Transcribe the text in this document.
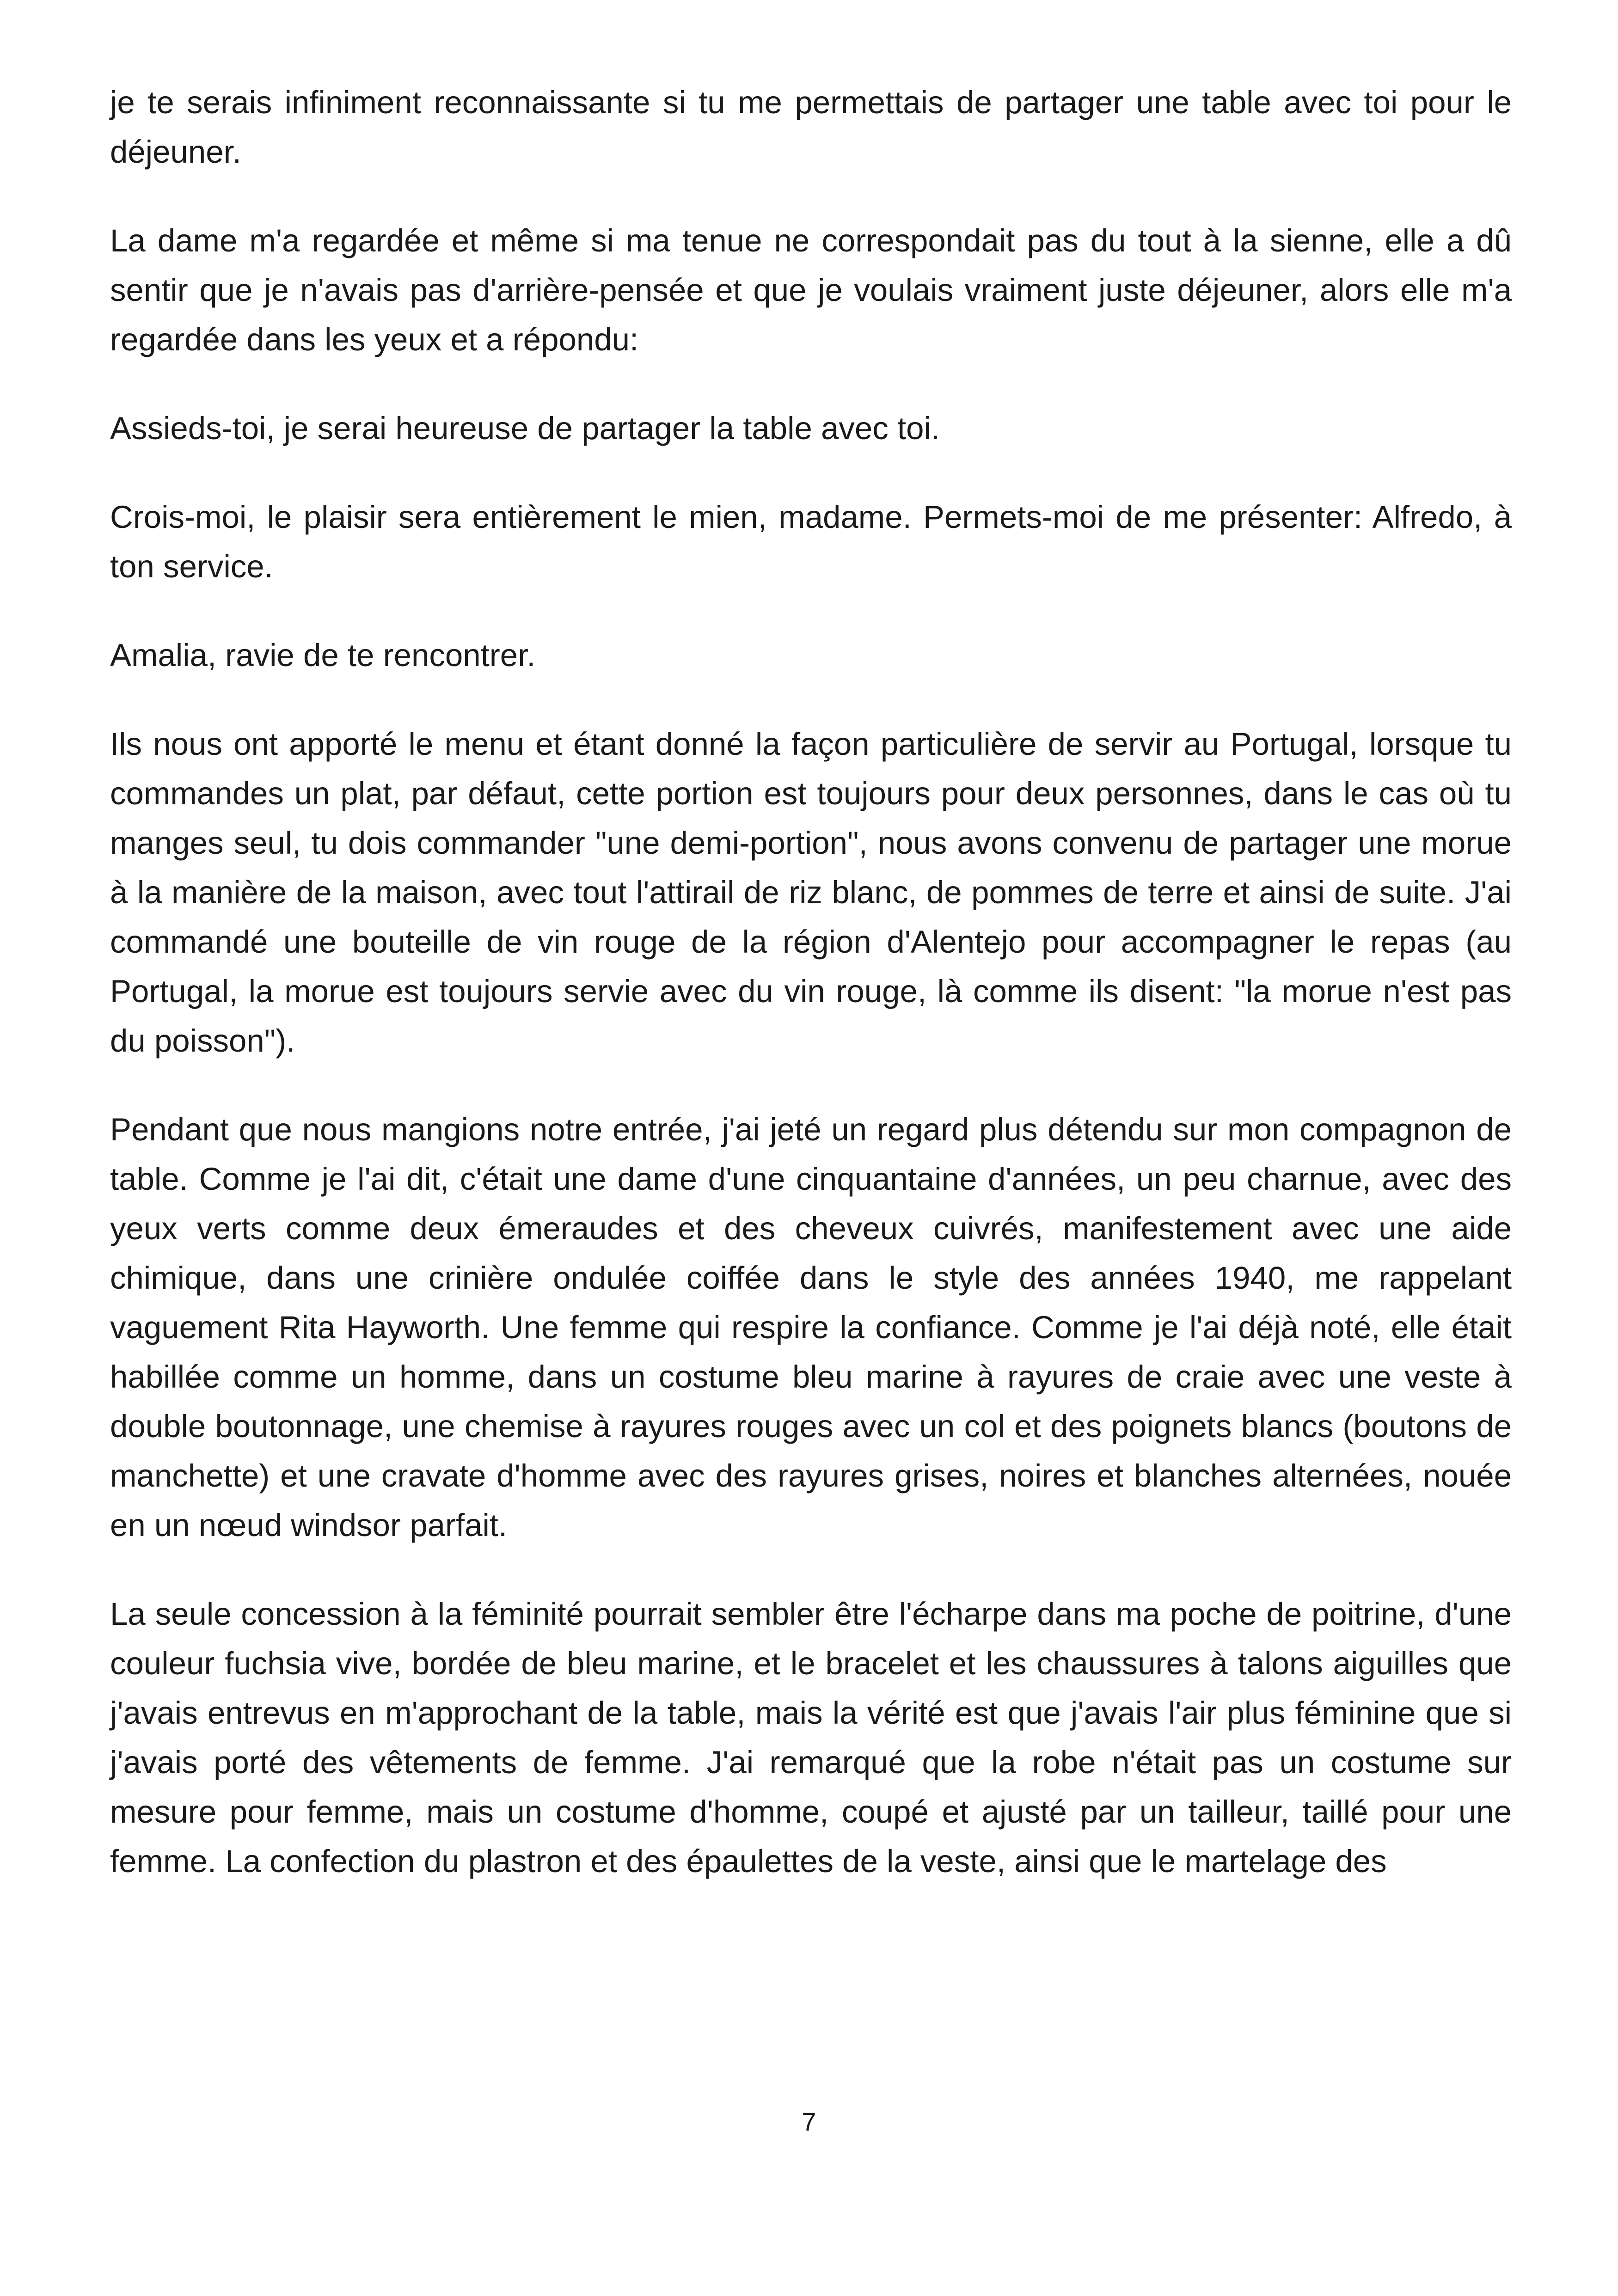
je te serais infiniment reconnaissante si tu me permettais de partager une table avec toi pour le déjeuner.

La dame m'a regardée et même si ma tenue ne correspondait pas du tout à la sienne, elle a dû sentir que je n'avais pas d'arrière-pensée et que je voulais vraiment juste déjeuner, alors elle m'a regardée dans les yeux et a répondu:

Assieds-toi, je serai heureuse de partager la table avec toi.

Crois-moi, le plaisir sera entièrement le mien, madame. Permets-moi de me présenter: Alfredo, à ton service.

Amalia, ravie de te rencontrer.

Ils nous ont apporté le menu et étant donné la façon particulière de servir au Portugal, lorsque tu commandes un plat, par défaut, cette portion est toujours pour deux personnes, dans le cas où tu manges seul, tu dois commander "une demi-portion", nous avons convenu de partager une morue à la manière de la maison, avec tout l'attirail de riz blanc, de pommes de terre et ainsi de suite. J'ai commandé une bouteille de vin rouge de la région d'Alentejo pour accompagner le repas (au Portugal, la morue est toujours servie avec du vin rouge, là comme ils disent: "la morue n'est pas du poisson").

Pendant que nous mangions notre entrée, j'ai jeté un regard plus détendu sur mon compagnon de table. Comme je l'ai dit, c'était une dame d'une cinquantaine d'années, un peu charnue, avec des yeux verts comme deux émeraudes et des cheveux cuivrés, manifestement avec une aide chimique, dans une crinière ondulée coiffée dans le style des années 1940, me rappelant vaguement Rita Hayworth. Une femme qui respire la confiance. Comme je l'ai déjà noté, elle était habillée comme un homme, dans un costume bleu marine à rayures de craie avec une veste à double boutonnage, une chemise à rayures rouges avec un col et des poignets blancs (boutons de manchette) et une cravate d'homme avec des rayures grises, noires et blanches alternées, nouée en un nœud windsor parfait.

La seule concession à la féminité pourrait sembler être l'écharpe dans ma poche de poitrine, d'une couleur fuchsia vive, bordée de bleu marine, et le bracelet et les chaussures à talons aiguilles que j'avais entrevus en m'approchant de la table, mais la vérité est que j'avais l'air plus féminine que si j'avais porté des vêtements de femme. J'ai remarqué que la robe n'était pas un costume sur mesure pour femme, mais un costume d'homme, coupé et ajusté par un tailleur, taillé pour une femme. La confection du plastron et des épaulettes de la veste, ainsi que le martelage des

7
